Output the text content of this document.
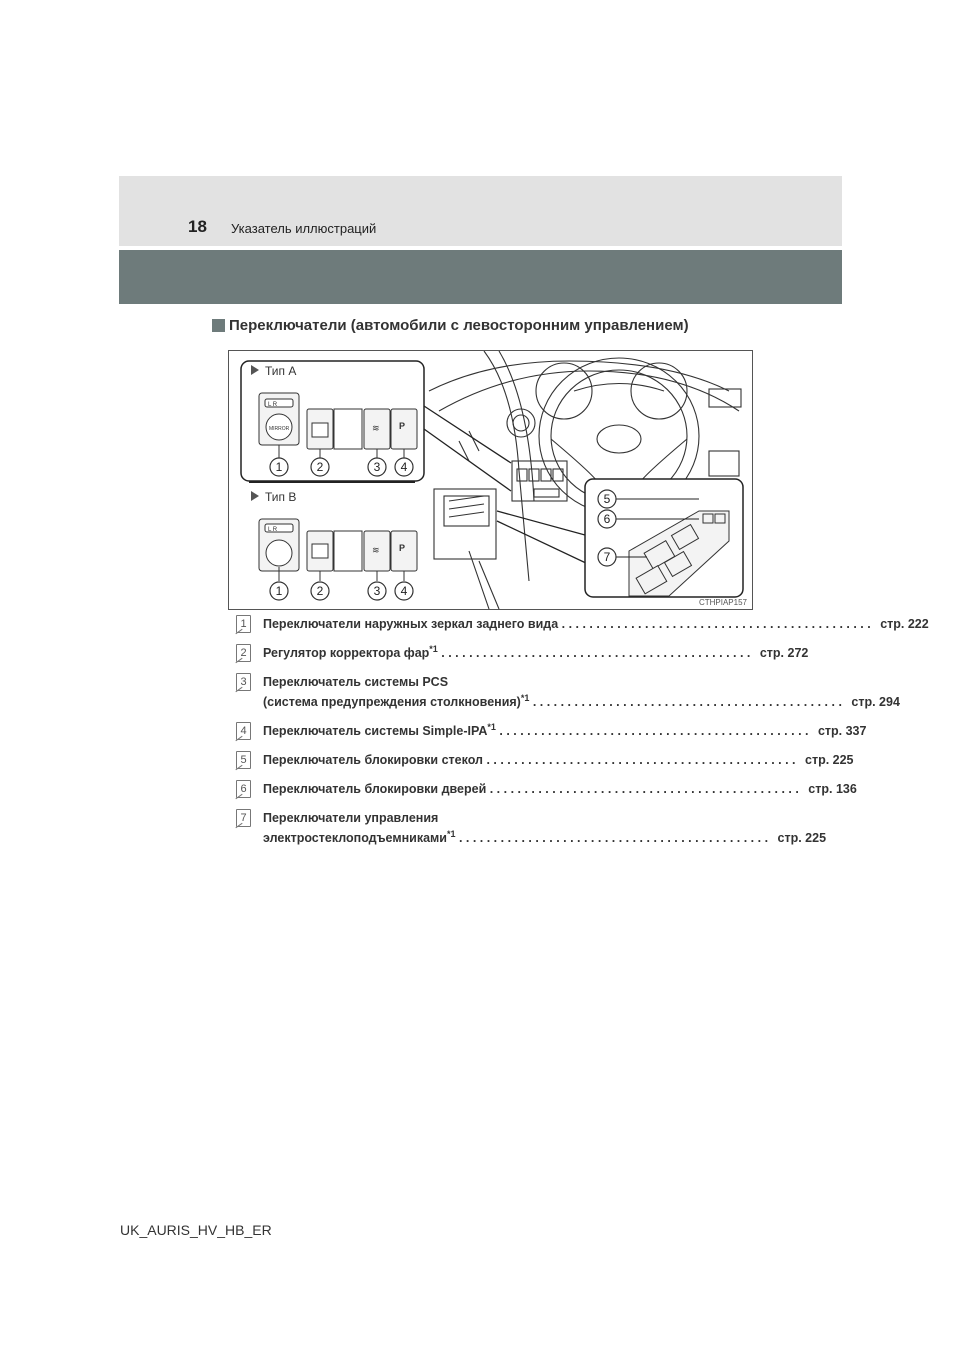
18 Указатель иллюстраций
Переключатели (автомобили с левосторонним управлением)
L R
MIRROR	P
≋
L R
P
≋
Тип А
Тип В
1	2	3 4
1	2	3 4
5
6
7
CTHPIAP157
1	Переключатели наружных зеркал заднего вида . . .	стр. 222
2	Регулятор корректора фар$^{*1}$ . . .	стр. 272
3	Переключатель системы PCS
(система предупреждения столкновения)$^{*1}$ . . .	стр. 294
4	Переключатель системы Simple-IPA$^{*1}$ . . .	стр. 337
5	Переключатель блокировки стекол . . .	стр. 225
6	Переключатель блокировки дверей . . .	стр. 136
7	Переключатели управления
электростеклоподъемниками$^{*1}$ . . .	стр. 225
UK_AURIS_HV_HB_ER
